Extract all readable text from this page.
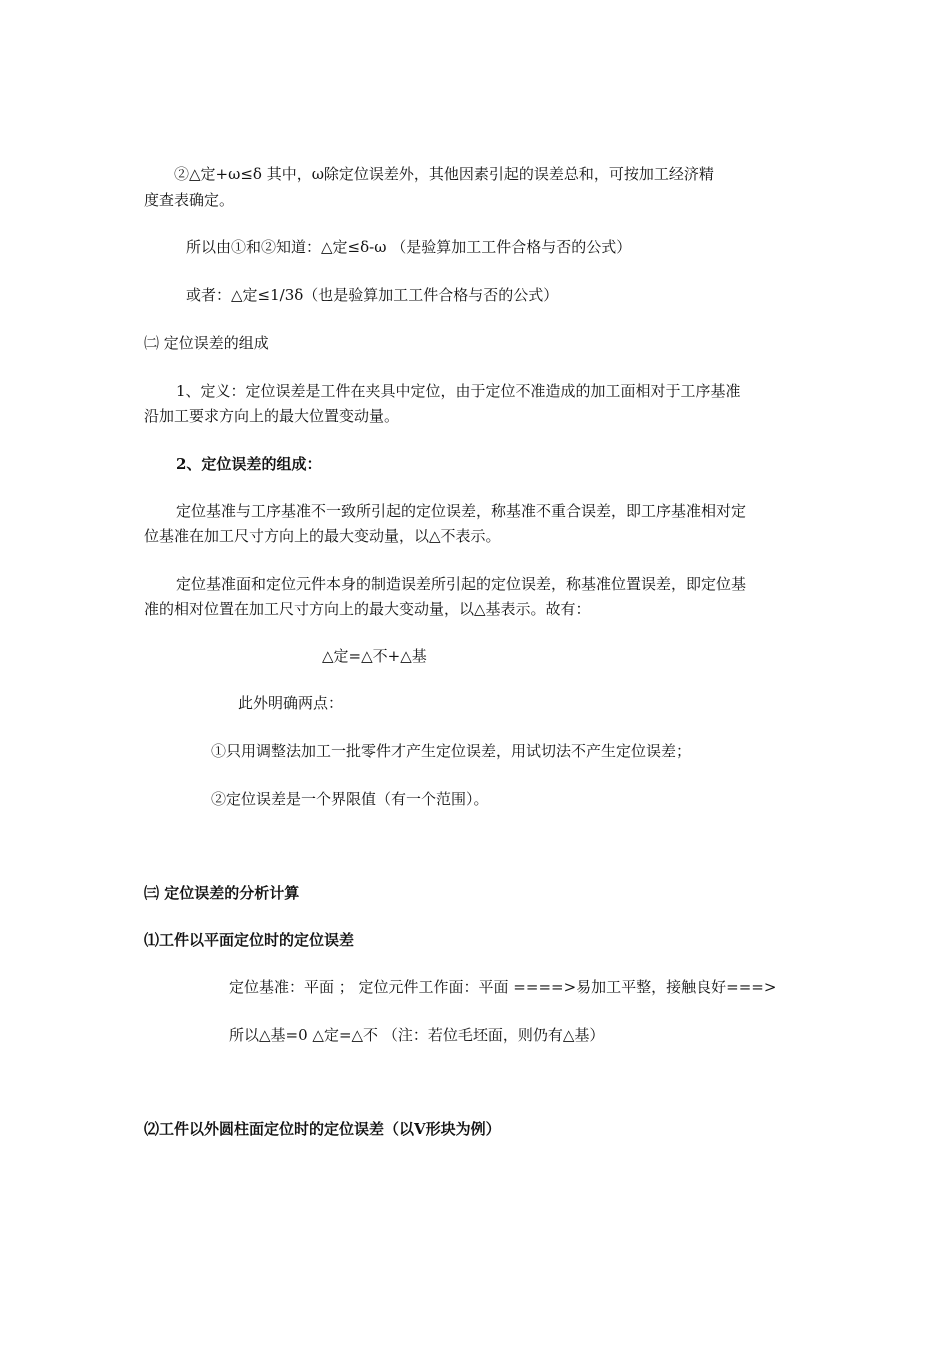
②△定+ω≤δ 其中，ω除定位误差外，其他因素引起的误差总和，可按加工经济精

度查表确定。

所以由①和②知道：△定≤δ-ω （是验算加工工件合格与否的公式）

或者：△定≤1/3δ（也是验算加工工件合格与否的公式）

㈡ 定位误差的组成

1、定义：定位误差是工件在夹具中定位，由于定位不准造成的加工面相对于工序基准

沿加工要求方向上的最大位置变动量。

2、定位误差的组成：

定位基准与工序基准不一致所引起的定位误差，称基准不重合误差，即工序基准相对定

位基准在加工尺寸方向上的最大变动量，以△不表示。

定位基准面和定位元件本身的制造误差所引起的定位误差，称基准位置误差，即定位基

准的相对位置在加工尺寸方向上的最大变动量，以△基表示。故有：

△定=△不+△基

此外明确两点：

①只用调整法加工一批零件才产生定位误差，用试切法不产生定位误差；

②定位误差是一个界限值（有一个范围）。

㈢ 定位误差的分析计算

⑴工件以平面定位时的定位误差

定位基准：平面 ； 定位元件工作面：平面 ====>易加工平整，接触良好===>

所以△基=0 △定=△不 （注：若位毛坯面，则仍有△基）

⑵工件以外圆柱面定位时的定位误差（以V形块为例）
